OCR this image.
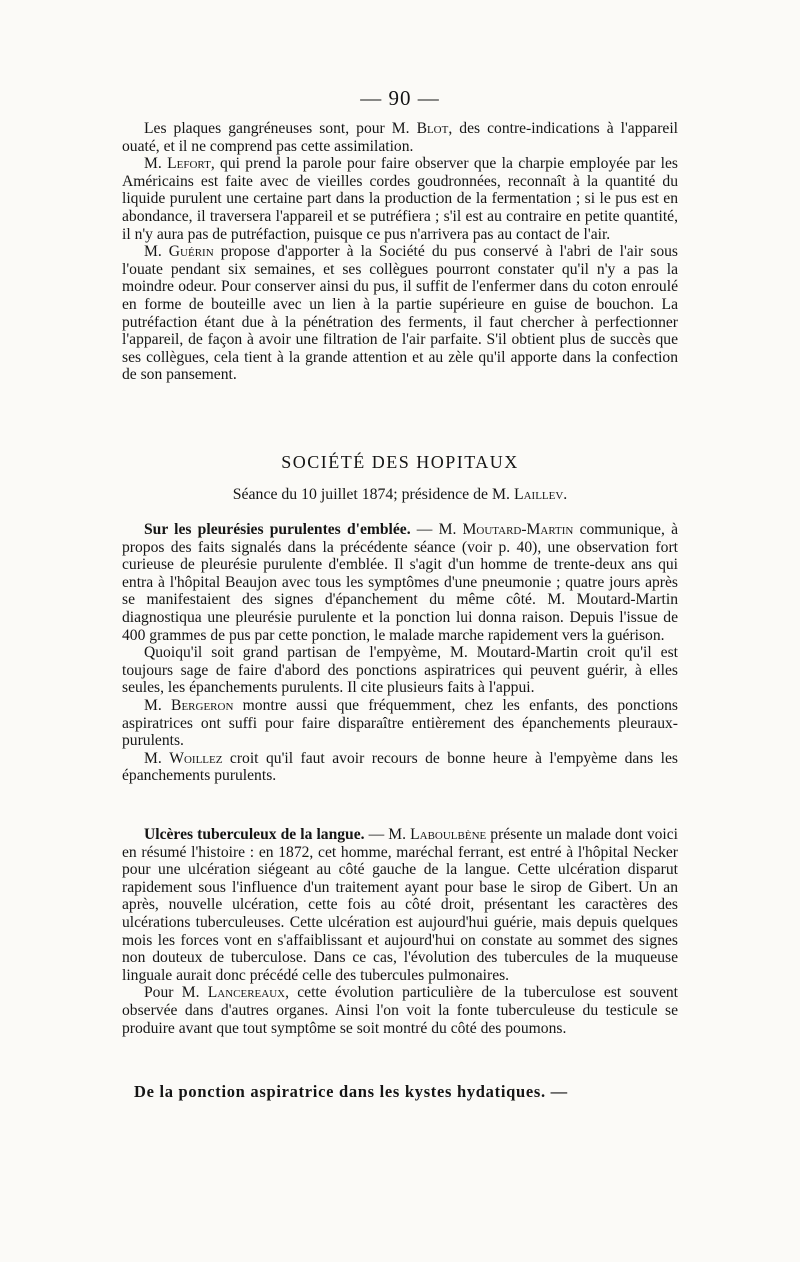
— 90 —

Les plaques gangréneuses sont, pour M. Blot, des contre-indications à l'appareil ouaté, et il ne comprend pas cette assimilation.

M. Lefort, qui prend la parole pour faire observer que la charpie employée par les Américains est faite avec de vieilles cordes goudronnées, reconnaît à la quantité du liquide purulent une certaine part dans la production de la fermentation ; si le pus est en abondance, il traversera l'appareil et se putréfiera ; s'il est au contraire en petite quantité, il n'y aura pas de putréfaction, puisque ce pus n'arrivera pas au contact de l'air.

M. Guérin propose d'apporter à la Société du pus conservé à l'abri de l'air sous l'ouate pendant six semaines, et ses collègues pourront constater qu'il n'y a pas la moindre odeur. Pour conserver ainsi du pus, il suffit de l'enfermer dans du coton enroulé en forme de bouteille avec un lien à la partie supérieure en guise de bouchon. La putréfaction étant due à la pénétration des ferments, il faut chercher à perfectionner l'appareil, de façon à avoir une filtration de l'air parfaite. S'il obtient plus de succès que ses collègues, cela tient à la grande attention et au zèle qu'il apporte dans la confection de son pansement.

SOCIÉTÉ DES HOPITAUX
Séance du 10 juillet 1874; présidence de M. Laillev.

Sur les pleurésies purulentes d'emblée. — M. Moutard-Martin communique, à propos des faits signalés dans la précédente séance (voir p. 40), une observation fort curieuse de pleurésie purulente d'emblée. Il s'agit d'un homme de trente-deux ans qui entra à l'hôpital Beaujon avec tous les symptômes d'une pneumonie ; quatre jours après se manifestaient des signes d'épanchement du même côté. M. Moutard-Martin diagnostiqua une pleurésie purulente et la ponction lui donna raison. Depuis l'issue de 400 grammes de pus par cette ponction, le malade marche rapidement vers la guérison.

Quoiqu'il soit grand partisan de l'empyème, M. Moutard-Martin croit qu'il est toujours sage de faire d'abord des ponctions aspiratrices qui peuvent guérir, à elles seules, les épanchements purulents. Il cite plusieurs faits à l'appui.

M. Bergeron montre aussi que fréquemment, chez les enfants, des ponctions aspiratrices ont suffi pour faire disparaître entièrement des épanchements pleuraux-purulents.

M. Woillez croit qu'il faut avoir recours de bonne heure à l'empyème dans les épanchements purulents.

Ulcères tuberculeux de la langue. — M. Laboulbène présente un malade dont voici en résumé l'histoire : en 1872, cet homme, maréchal ferrant, est entré à l'hôpital Necker pour une ulcération siégeant au côté gauche de la langue. Cette ulcération disparut rapidement sous l'influence d'un traitement ayant pour base le sirop de Gibert. Un an après, nouvelle ulcération, cette fois au côté droit, présentant les caractères des ulcérations tuberculeuses. Cette ulcération est aujourd'hui guérie, mais depuis quelques mois les forces vont en s'affaiblissant et aujourd'hui on constate au sommet des signes non douteux de tuberculose. Dans ce cas, l'évolution des tubercules de la muqueuse linguale aurait donc précédé celle des tubercules pulmonaires.

Pour M. Lancereaux, cette évolution particulière de la tuberculose est souvent observée dans d'autres organes. Ainsi l'on voit la fonte tuberculeuse du testicule se produire avant que tout symptôme se soit montré du côté des poumons.

De la ponction aspiratrice dans les kystes hydatiques. —
